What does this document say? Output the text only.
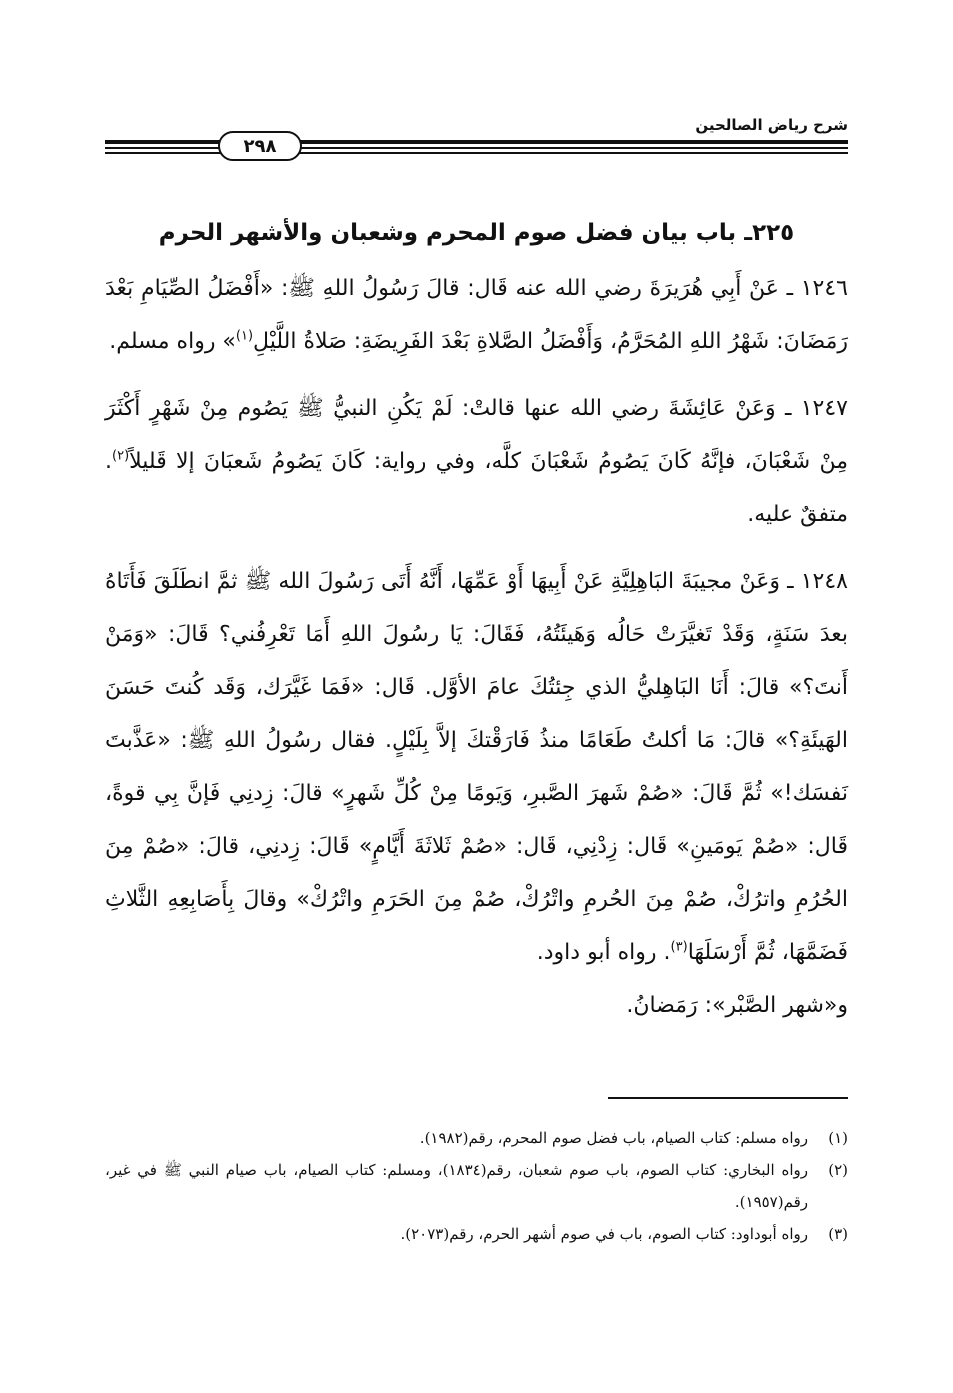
شرح رياض الصالحين
٢٩٨
٢٢٥ـ باب بيان فضل صوم المحرم وشعبان والأشهر الحرم

١٢٤٦ ـ عَنْ أَبِي هُرَيرَةَ رضي الله عنه قَال: قالَ رَسُولُ اللهِ ﷺ: «أَفْضَلُ الصِّيَامِ بَعْدَ رَمَضَانَ: شَهْرُ اللهِ المُحَرَّمُ، وَأَفْضَلُ الصَّلاةِ بَعْدَ الفَرِيضَةِ: صَلاةُ اللَّيْلِ$^{(١)}$» رواه مسلم.

١٢٤٧ ـ وَعَنْ عَائِشَةَ رضي الله عنها قالتْ: لَمْ يَكُنِ النبيُّ ﷺ يَصُوم مِنْ شَهْرٍ أَكْثَرَ مِنْ شَعْبَانَ، فإنَّهُ كَانَ يَصُومُ شَعْبَانَ كلَّه، وفي رواية: كَانَ يَصُومُ شَعبَانَ إلا قَليلاً$^{(٢)}$. متفقٌ عليه.

١٢٤٨ ـ وَعَنْ مجيبَةَ البَاهِلِيَّةِ عَنْ أَبِيهَا أَوْ عَمِّهَا، أَنَّهُ أَتَى رَسُولَ الله ﷺ ثمَّ انطَلَقَ فَأَتَاهُ بعدَ سَنَةٍ، وَقَدْ تَغيَّرَتْ حَالُه وَهَيئَتُهُ، فَقَالَ: يَا رسُولَ اللهِ أَمَا تَعْرِفُني؟ قَالَ: «وَمَنْ أَنتَ؟» قالَ: أَنَا البَاهِليُّ الذي جِئتُكَ عامَ الأوَّل. قَال: «فَمَا غَيَّرَك، وَقَد كُنتَ حَسَنَ الهَيئَةِ؟» قالَ: مَا أكلتُ طَعَامًا منذُ فَارَقْتكَ إلاَّ بِلَيْلٍ. فقال رسُولُ اللهِ ﷺ: «عَذَّبتَ نَفسَك!» ثُمَّ قَالَ: «صُمْ شَهرَ الصَّبرِ، وَيَومًا مِنْ كُلِّ شَهرٍ» قالَ: زِدنِي فَإنَّ بِي قوةً، قَال: «صُمْ يَومَينِ» قَال: زِدْنِي، قَال: «صُمْ ثَلاثَةَ أَيَّامٍ» قَالَ: زِدنِي، قالَ: «صُمْ مِنَ الحُرُمِ واترُكْ، صُمْ مِنَ الحُرمِ واتْرُكْ، صُمْ مِنَ الحَرَمِ واتْرُكْ» وقالَ بِأَصَابِعِهِ الثَّلاثِ فَضَمَّهَا، ثُمَّ أَرْسَلَهَا$^{(٣)}$. رواه أبو داود.

و«شهر الصَّبْر»: رَمَضانُ.

(١)
رواه مسلم: كتاب الصيام، باب فضل صوم المحرم، رقم(١٩٨٢).
(٢)
رواه البخاري: كتاب الصوم، باب صوم شعبان، رقم(١٨٣٤)، ومسلم: كتاب الصيام، باب صيام النبي ﷺ في غير، رقم(١٩٥٧).
(٣)
رواه أبوداود: كتاب الصوم، باب في صوم أشهر الحرم، رقم(٢٠٧٣).
